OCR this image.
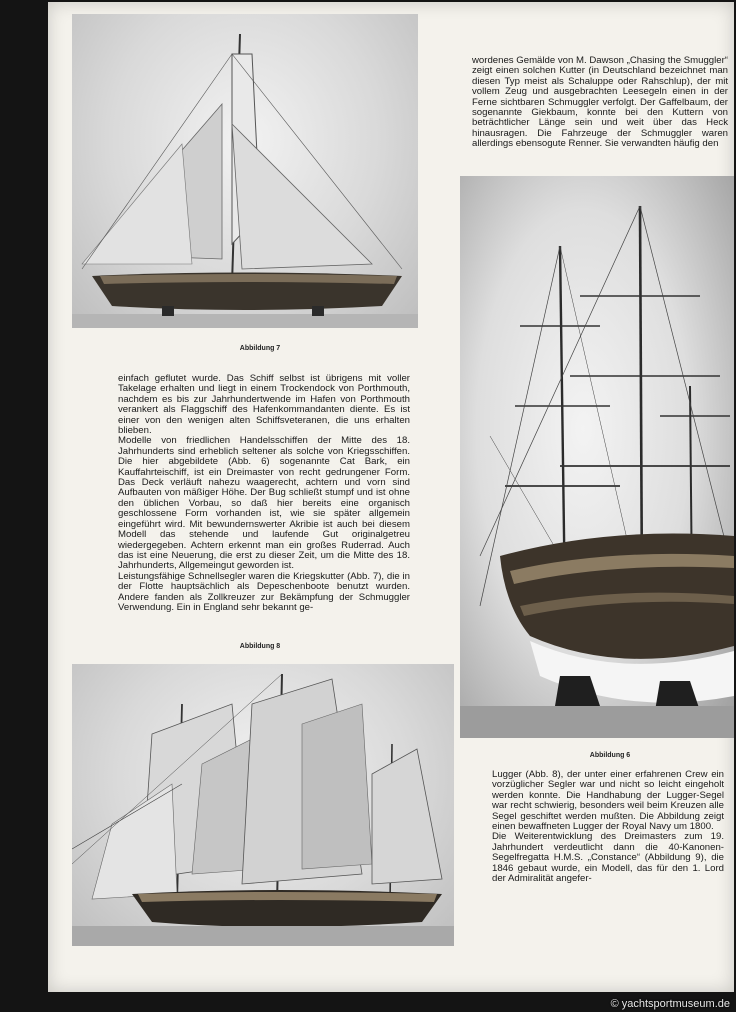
Abbildung 7

wordenes Gemälde von M. Dawson „Chasing the Smuggler“ zeigt einen solchen Kutter (in Deutschland bezeichnet man diesen Typ meist als Schaluppe oder Rahschlup), der mit vollem Zeug und ausgebrachten Leesegeln einen in der Ferne sichtbaren Schmuggler verfolgt. Der Gaffelbaum, der sogenannte Giekbaum, konnte bei den Kuttern von beträchtlicher Länge sein und weit über das Heck hinausragen. Die Fahrzeuge der Schmuggler waren allerdings ebensogute Renner. Sie verwandten häufig den

Abbildung 6

einfach geflutet wurde. Das Schiff selbst ist übrigens mit voller Takelage erhalten und liegt in einem Trockendock von Porthmouth, nachdem es bis zur Jahrhundertwende im Hafen von Porthmouth verankert als Flaggschiff des Hafenkommandanten diente. Es ist einer von den wenigen alten Schiffsveteranen, die uns erhalten blieben.

Modelle von friedlichen Handelsschiffen der Mitte des 18. Jahrhunderts sind erheblich seltener als solche von Kriegsschiffen. Die hier abgebildete (Abb. 6) sogenannte Cat Bark, ein Kauffahrteischiff, ist ein Dreimaster von recht gedrungener Form. Das Deck verläuft nahezu waagerecht, achtern und vorn sind Aufbauten von mäßiger Höhe. Der Bug schließt stumpf und ist ohne den üblichen Vorbau, so daß hier bereits eine organisch geschlossene Form vorhanden ist, wie sie später allgemein eingeführt wird. Mit bewundernswerter Akribie ist auch bei diesem Modell das stehende und laufende Gut originalgetreu wiedergegeben. Achtern erkennt man ein großes Ruderrad. Auch das ist eine Neuerung, die erst zu dieser Zeit, um die Mitte des 18. Jahrhunderts, Allgemeingut geworden ist.

Leistungsfähige Schnellsegler waren die Kriegskutter (Abb. 7), die in der Flotte hauptsächlich als Depeschenboote benutzt wurden. Andere fanden als Zollkreuzer zur Bekämpfung der Schmuggler Verwendung. Ein in England sehr bekannt ge-

Abbildung 8

Lugger (Abb. 8), der unter einer erfahrenen Crew ein vorzüglicher Segler war und nicht so leicht eingeholt werden konnte. Die Handhabung der Lugger-Segel war recht schwierig, besonders weil beim Kreuzen alle Segel geschiftet werden mußten. Die Abbildung zeigt einen bewaffneten Lugger der Royal Navy um 1800.

Die Weiterentwicklung des Dreimasters zum 19. Jahrhundert verdeutlicht dann die 40-Kanonen-Segelfregatta H.M.S. „Constance“ (Abbildung 9), die 1846 gebaut wurde, ein Modell, das für den 1. Lord der Admiralität angefer-

© yachtsportmuseum.de
